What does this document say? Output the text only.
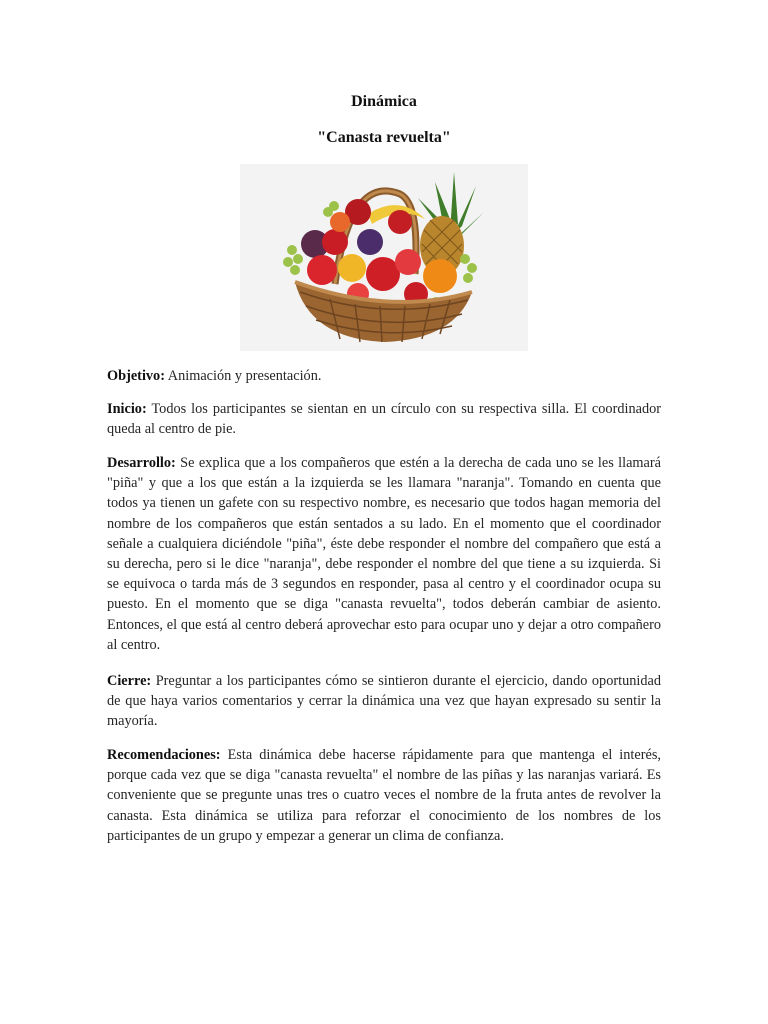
Dinámica
"Canasta revuelta"

Objetivo: Animación y presentación.

Inicio: Todos los participantes se sientan en un círculo con su respectiva silla. El coordinador queda al centro de pie.

Desarrollo: Se explica que a los compañeros que estén a la derecha de cada uno se les llamará "piña" y que a los que están a la izquierda se les llamara "naranja". Tomando en cuenta que todos ya tienen un gafete con su respectivo nombre, es necesario que todos hagan memoria del nombre de los compañeros que están sentados a su lado. En el momento que el coordinador señale a cualquiera diciéndole "piña", éste debe responder el nombre del compañero que está a su derecha, pero si le dice "naranja", debe responder el nombre del que tiene a su izquierda. Si se equivoca o tarda más de 3 segundos en responder, pasa al centro y el coordinador ocupa su puesto. En el momento que se diga "canasta revuelta", todos deberán cambiar de asiento. Entonces, el que está al centro deberá aprovechar esto para ocupar uno y dejar a otro compañero al centro.

Cierre: Preguntar a los participantes cómo se sintieron durante el ejercicio, dando oportunidad de que haya varios comentarios y cerrar la dinámica una vez que hayan expresado su sentir la mayoría.

Recomendaciones: Esta dinámica debe hacerse rápidamente para que mantenga el interés, porque cada vez que se diga "canasta revuelta" el nombre de las piñas y las naranjas variará. Es conveniente que se pregunte unas tres o cuatro veces el nombre de la fruta antes de revolver la canasta. Esta dinámica se utiliza para reforzar el conocimiento de los nombres de los participantes de un grupo y empezar a generar un clima de confianza.
